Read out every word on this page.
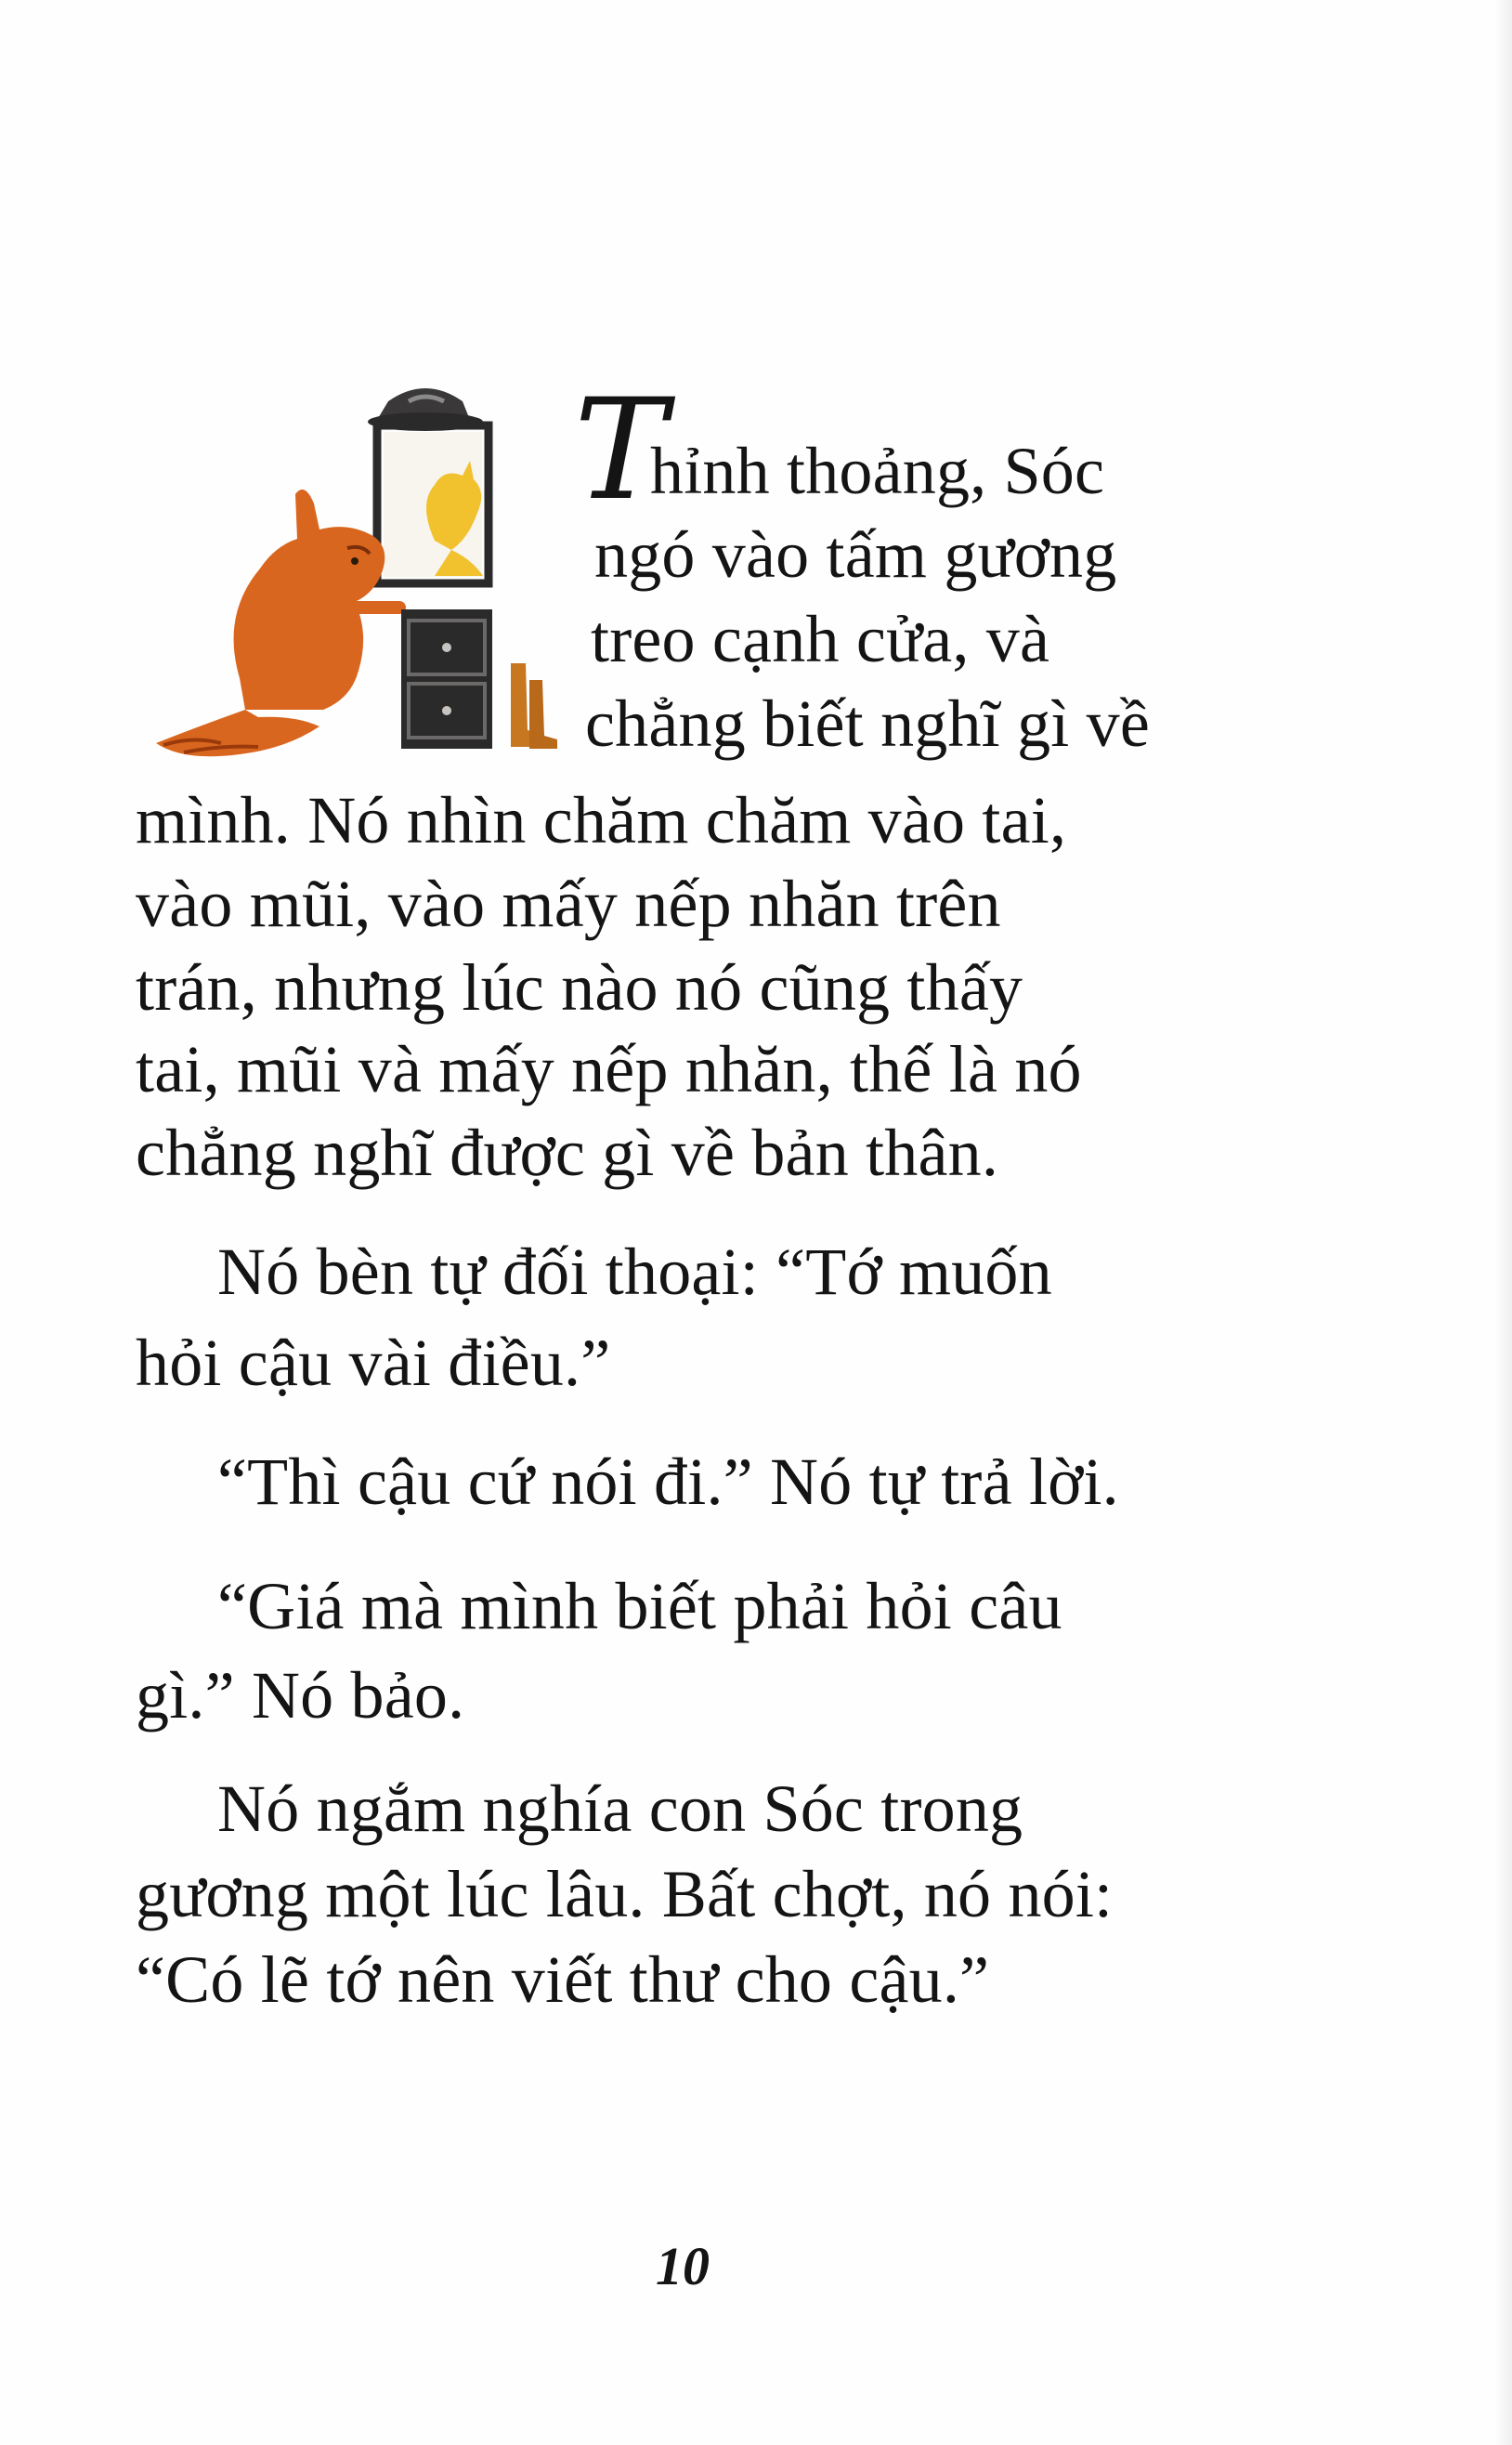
T
hỉnh thoảng, Sóc
ngó vào tấm gương
treo cạnh cửa, và
chẳng biết nghĩ gì về
mình. Nó nhìn chăm chăm vào tai,
vào mũi, vào mấy nếp nhăn trên
trán, nhưng lúc nào nó cũng thấy
tai, mũi và mấy nếp nhăn, thế là nó
chẳng nghĩ được gì về bản thân.
Nó bèn tự đối thoại: “Tớ muốn
hỏi cậu vài điều.”
“Thì cậu cứ nói đi.” Nó tự trả lời.
“Giá mà mình biết phải hỏi câu
gì.” Nó bảo.
Nó ngắm nghía con Sóc trong
gương một lúc lâu. Bất chợt, nó nói:
“Có lẽ tớ nên viết thư cho cậu.”
10
